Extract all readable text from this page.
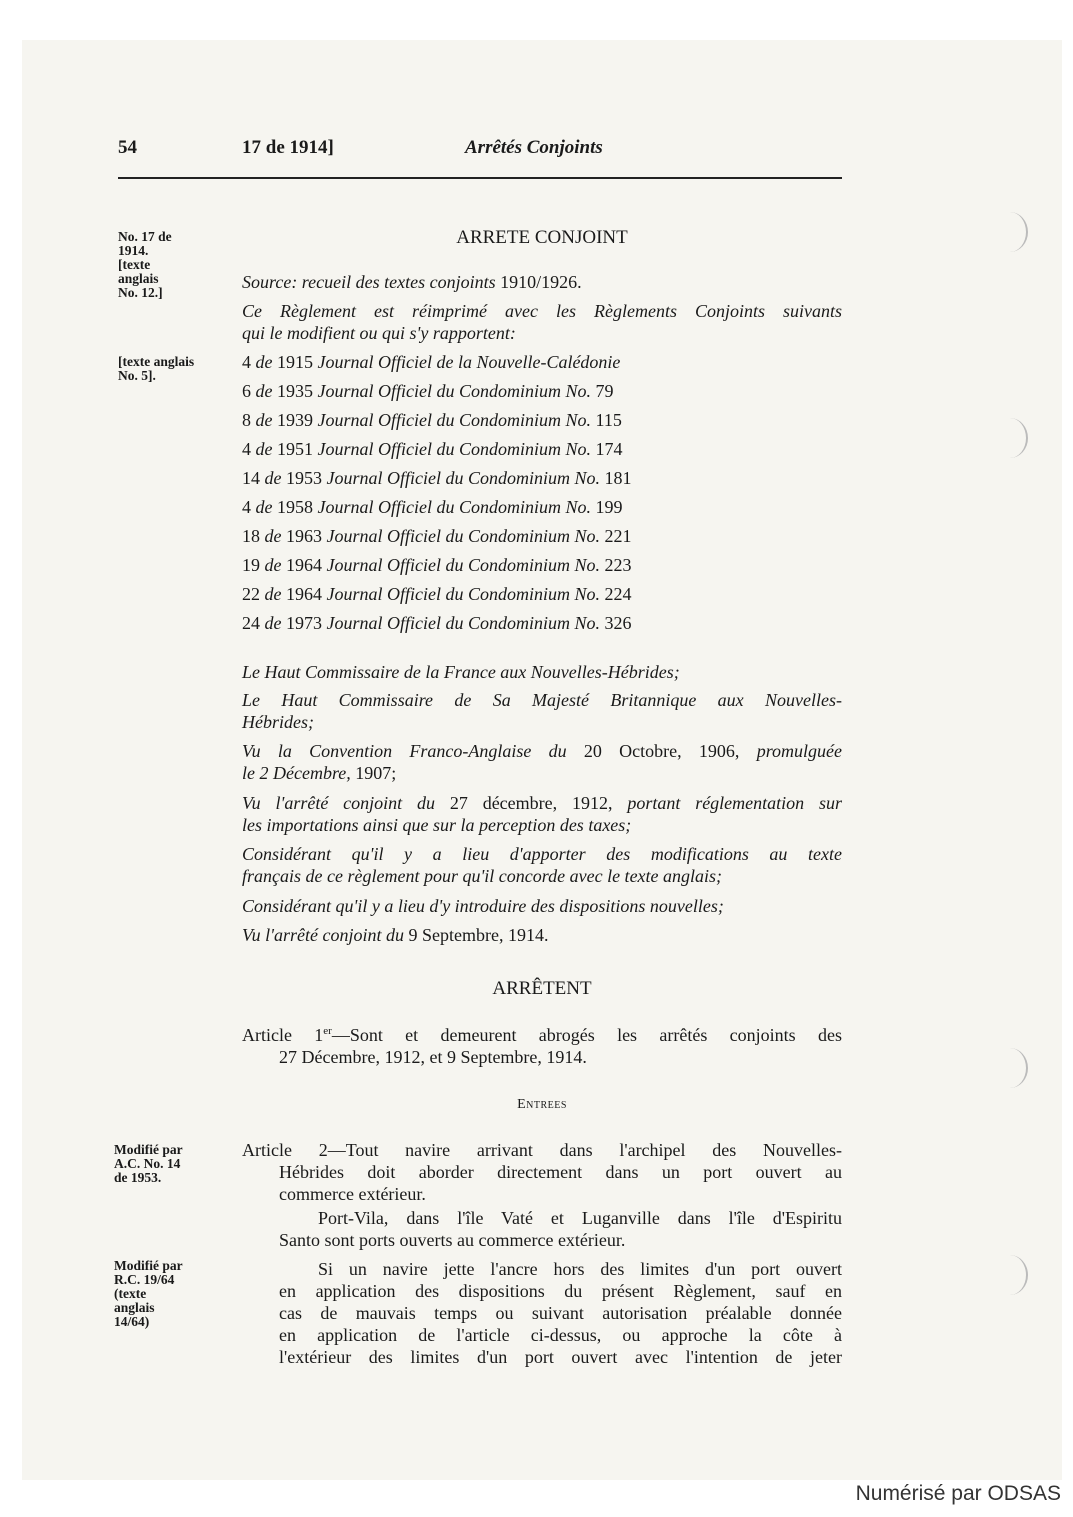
54	17 de 1914]	Arrêtés Conjoints
No. 17 de
1914.
[texte
anglais
No. 12.]
[texte anglais
No. 5].
Modifié par
A.C. No. 14
de 1953.
Modifié par
R.C. 19/64
(texte
anglais
14/64)
ARRETE CONJOINT
Source: recueil des textes conjoints 1910/1926.
Ce Règlement est réimprimé avec les Règlements Conjoints suivants
qui le modifient ou qui s'y rapportent:
4 de 1915 Journal Officiel de la Nouvelle-Calédonie
6 de 1935 Journal Officiel du Condominium No. 79
8 de 1939 Journal Officiel du Condominium No. 115
4 de 1951 Journal Officiel du Condominium No. 174
14 de 1953 Journal Officiel du Condominium No. 181
4 de 1958 Journal Officiel du Condominium No. 199
18 de 1963 Journal Officiel du Condominium No. 221
19 de 1964 Journal Officiel du Condominium No. 223
22 de 1964 Journal Officiel du Condominium No. 224
24 de 1973 Journal Officiel du Condominium No. 326
Le Haut Commissaire de la France aux Nouvelles-Hébrides;
Le Haut Commissaire de Sa Majesté Britannique aux Nouvelles-
Hébrides;
Vu la Convention Franco-Anglaise du 20 Octobre, 1906, promulguée
le 2 Décembre, 1907;
Vu l'arrêté conjoint du 27 décembre, 1912, portant réglementation sur
les importations ainsi que sur la perception des taxes;
Considérant qu'il y a lieu d'apporter des modifications au texte
français de ce règlement pour qu'il concorde avec le texte anglais;
Considérant qu'il y a lieu d'y introduire des dispositions nouvelles;
Vu l'arrêté conjoint du 9 Septembre, 1914.
ARRÊTENT
Article 1er—Sont et demeurent abrogés les arrêtés conjoints des
27 Décembre, 1912, et 9 Septembre, 1914.
Entrees
Article 2—Tout navire arrivant dans l'archipel des Nouvelles-
Hébrides doit aborder directement dans un port ouvert au
commerce extérieur.
Port-Vila, dans l'île Vaté et Luganville dans l'île d'Espiritu
Santo sont ports ouverts au commerce extérieur.
Si un navire jette l'ancre hors des limites d'un port ouvert
en application des dispositions du présent Règlement, sauf en
cas de mauvais temps ou suivant autorisation préalable donnée
en application de l'article ci-dessus, ou approche la côte à
l'extérieur des limites d'un port ouvert avec l'intention de jeter
Numérisé par ODSAS
